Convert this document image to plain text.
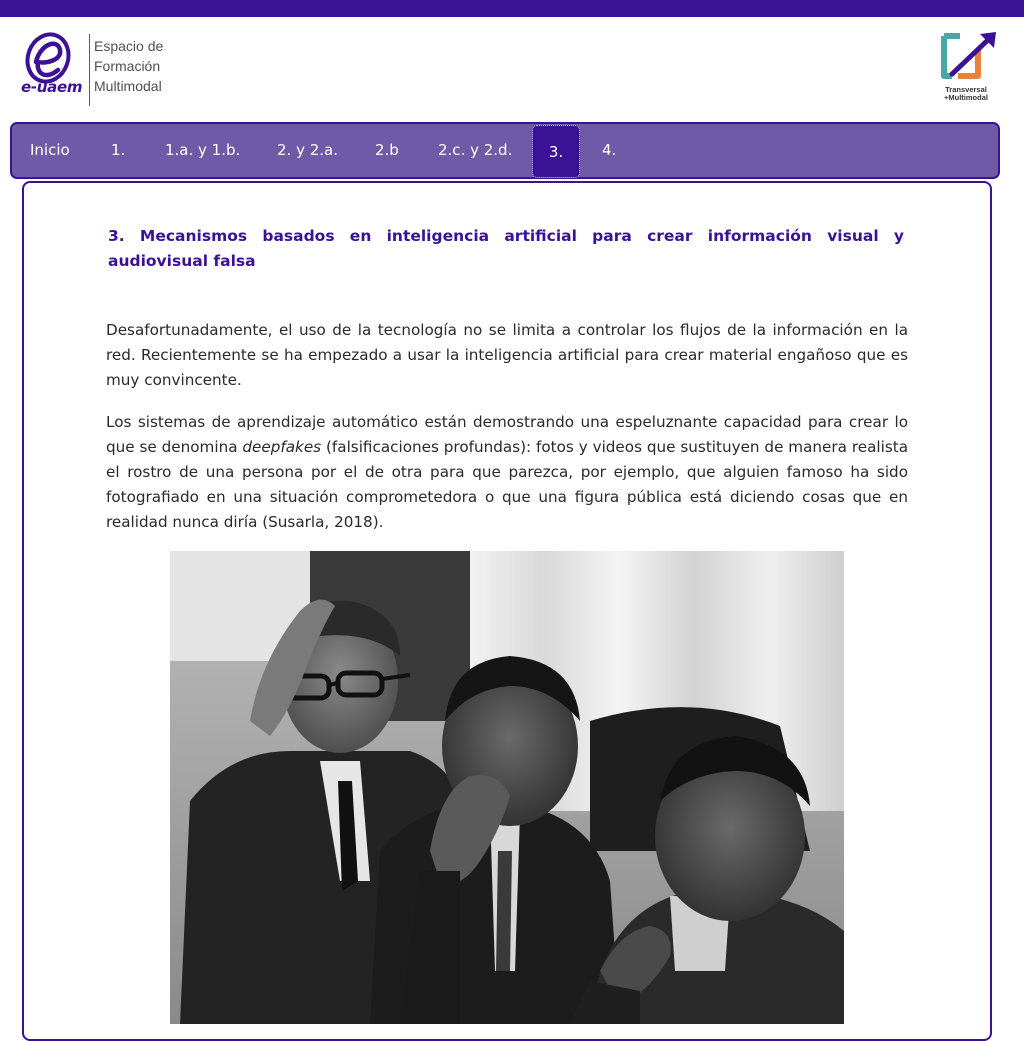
e-uaem
Espacio de
Formación
Multimodal	Transversal
+Multimodal
Inicio	1.	1.a. y 1.b. 2. y 2.a. 2.b	2.c. y 2.d.	3.	4.
3. Mecanismos basados en inteligencia artificial para crear información visual y audiovisual falsa

Desafortunadamente, el uso de la tecnología no se limita a controlar los flujos de la información en la red. Recientemente se ha empezado a usar la inteligencia artificial para crear material engañoso que es muy convincente.

Los sistemas de aprendizaje automático están demostrando una espeluznante capacidad para crear lo que se denomina deepfakes (falsificaciones profundas): fotos y videos que sustituyen de manera realista el rostro de una persona por el de otra para que parezca, por ejemplo, que alguien famoso ha sido fotografiado en una situación comprometedora o que una figura pública está diciendo cosas que en realidad nunca diría (Susarla, 2018).
